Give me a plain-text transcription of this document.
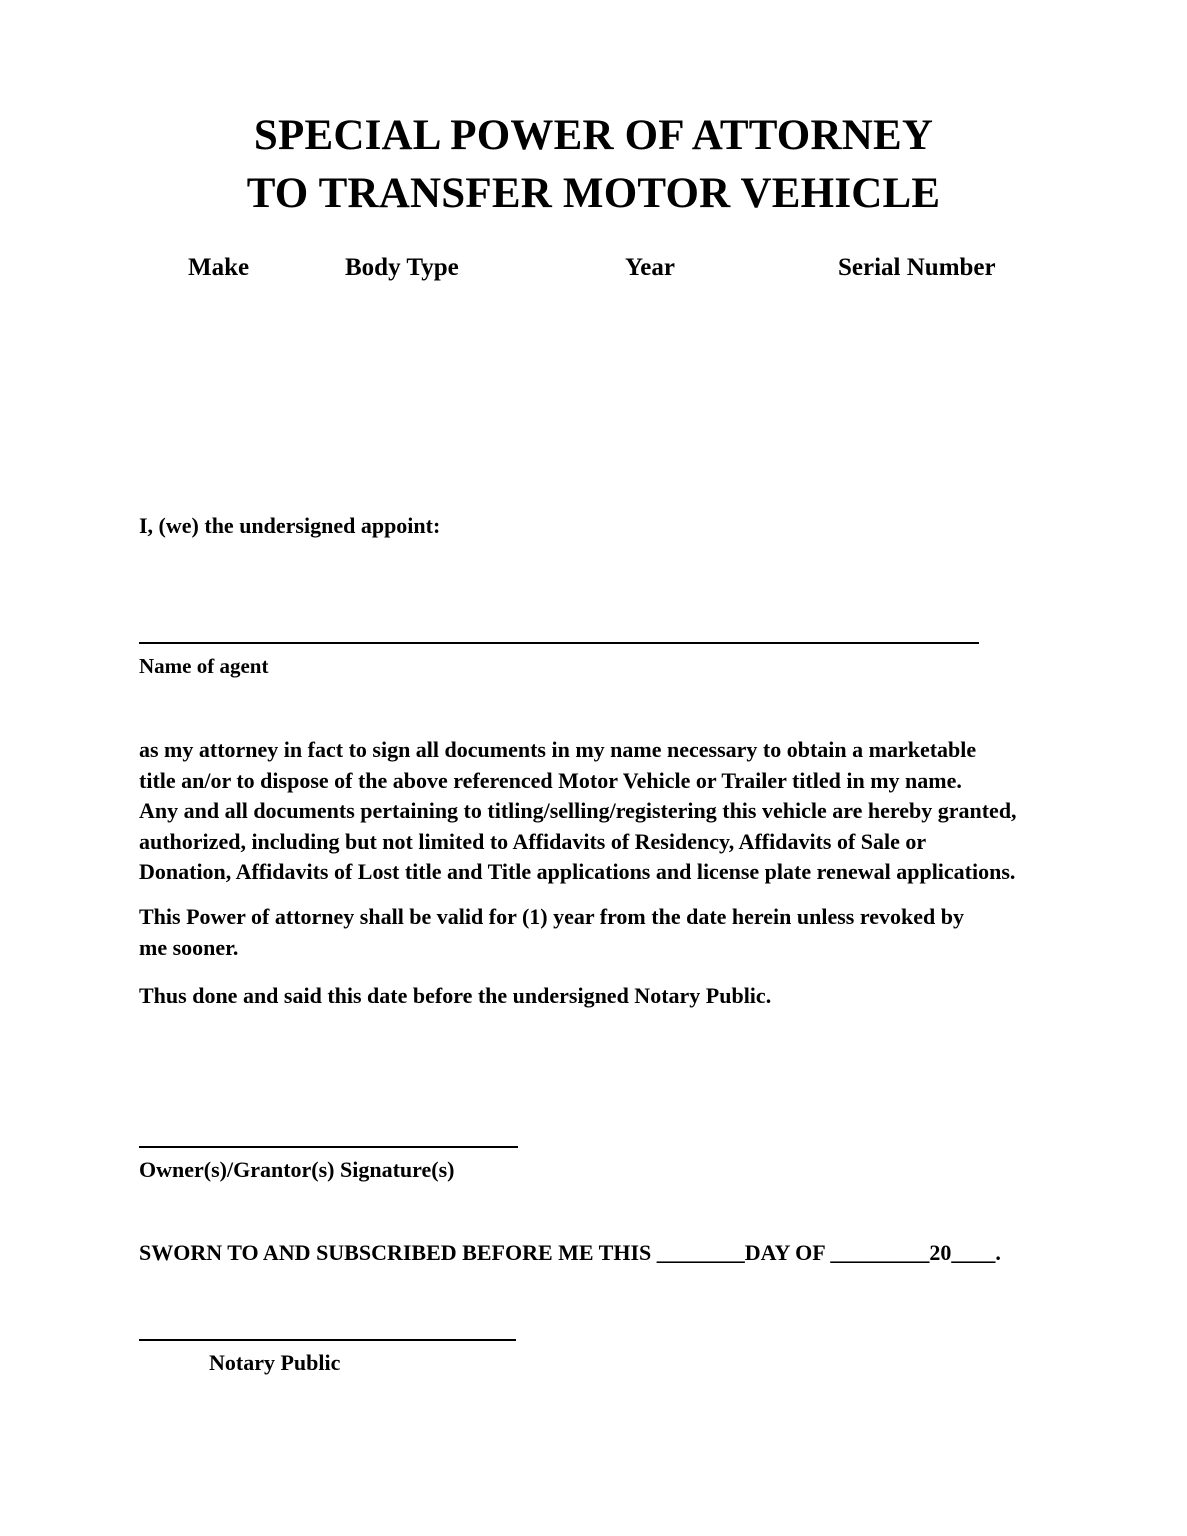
SPECIAL POWER OF ATTORNEY
TO TRANSFER MOTOR VEHICLE
Make	Body Type	Year	Serial Number
I, (we) the undersigned appoint:
Name of agent
as my attorney in fact to sign all documents in my name necessary to obtain a marketable
title an/or to dispose of the above referenced Motor Vehicle or Trailer titled in my name.
Any and all documents pertaining to titling/selling/registering this vehicle are hereby granted,
authorized, including but not limited to Affidavits of Residency, Affidavits of Sale or
Donation, Affidavits of Lost title and Title applications and license plate renewal applications.
This Power of attorney shall be valid for (1) year from the date herein unless revoked by
me sooner.
Thus done and said this date before the undersigned Notary Public.
Owner(s)/Grantor(s) Signature(s)
SWORN TO AND SUBSCRIBED BEFORE ME THIS ________DAY OF _________20____.
Notary Public
